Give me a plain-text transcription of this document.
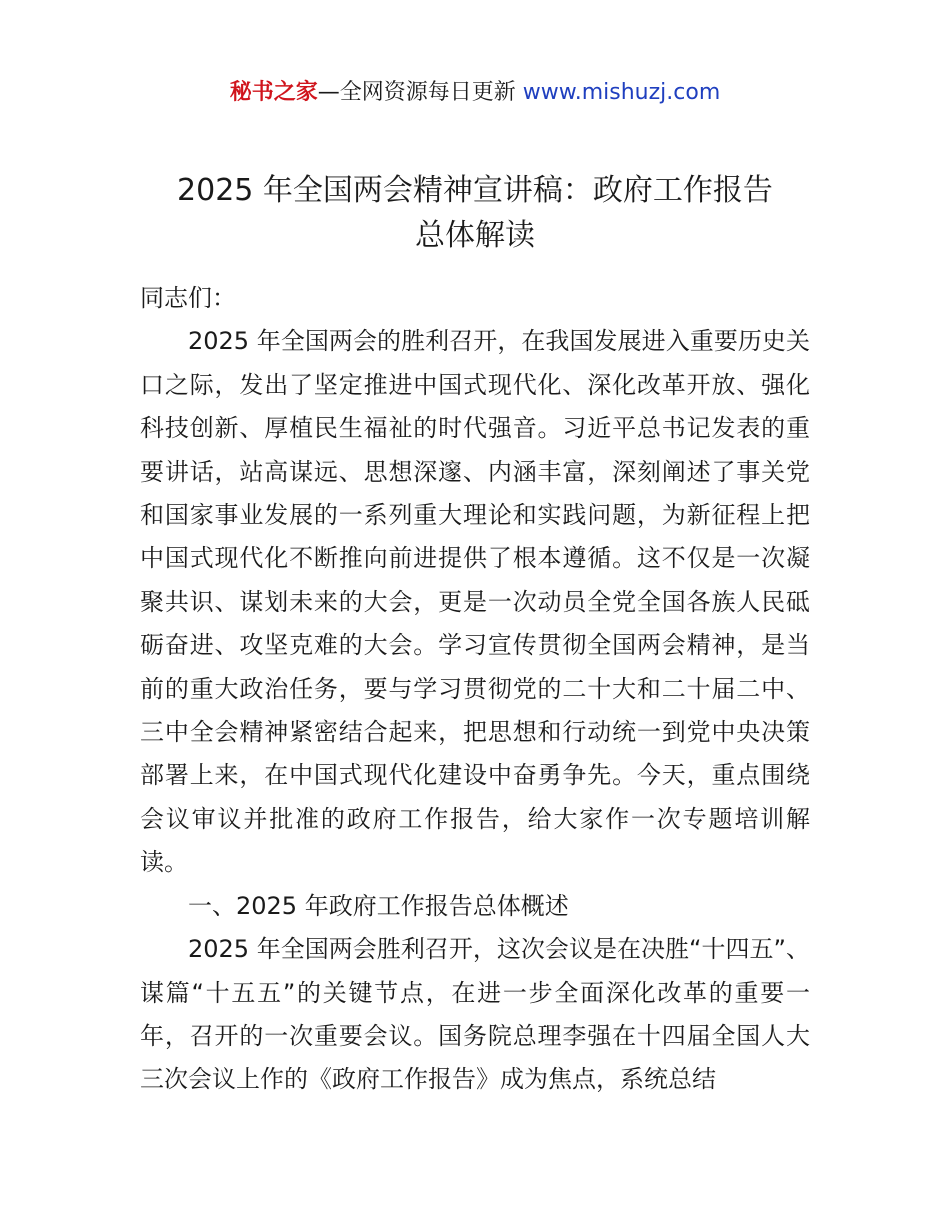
秘书之家—全网资源每日更新 www.mishuzj.com
2025 年全国两会精神宣讲稿：政府工作报告
总体解读

同志们：

2025 年全国两会的胜利召开，在我国发展进入重要历史关口之际，发出了坚定推进中国式现代化、深化改革开放、强化科技创新、厚植民生福祉的时代强音。习近平总书记发表的重要讲话，站高谋远、思想深邃、内涵丰富，深刻阐述了事关党和国家事业发展的一系列重大理论和实践问题，为新征程上把中国式现代化不断推向前进提供了根本遵循。这不仅是一次凝聚共识、谋划未来的大会，更是一次动员全党全国各族人民砥砺奋进、攻坚克难的大会。学习宣传贯彻全国两会精神，是当前的重大政治任务，要与学习贯彻党的二十大和二十届二中、三中全会精神紧密结合起来，把思想和行动统一到党中央决策部署上来，在中国式现代化建设中奋勇争先。今天，重点围绕会议审议并批准的政府工作报告，给大家作一次专题培训解读。

一、2025 年政府工作报告总体概述

2025 年全国两会胜利召开，这次会议是在决胜“十四五”、谋篇“十五五”的关键节点，在进一步全面深化改革的重要一年，召开的一次重要会议。国务院总理李强在十四届全国人大三次会议上作的《政府工作报告》成为焦点，系统总结
